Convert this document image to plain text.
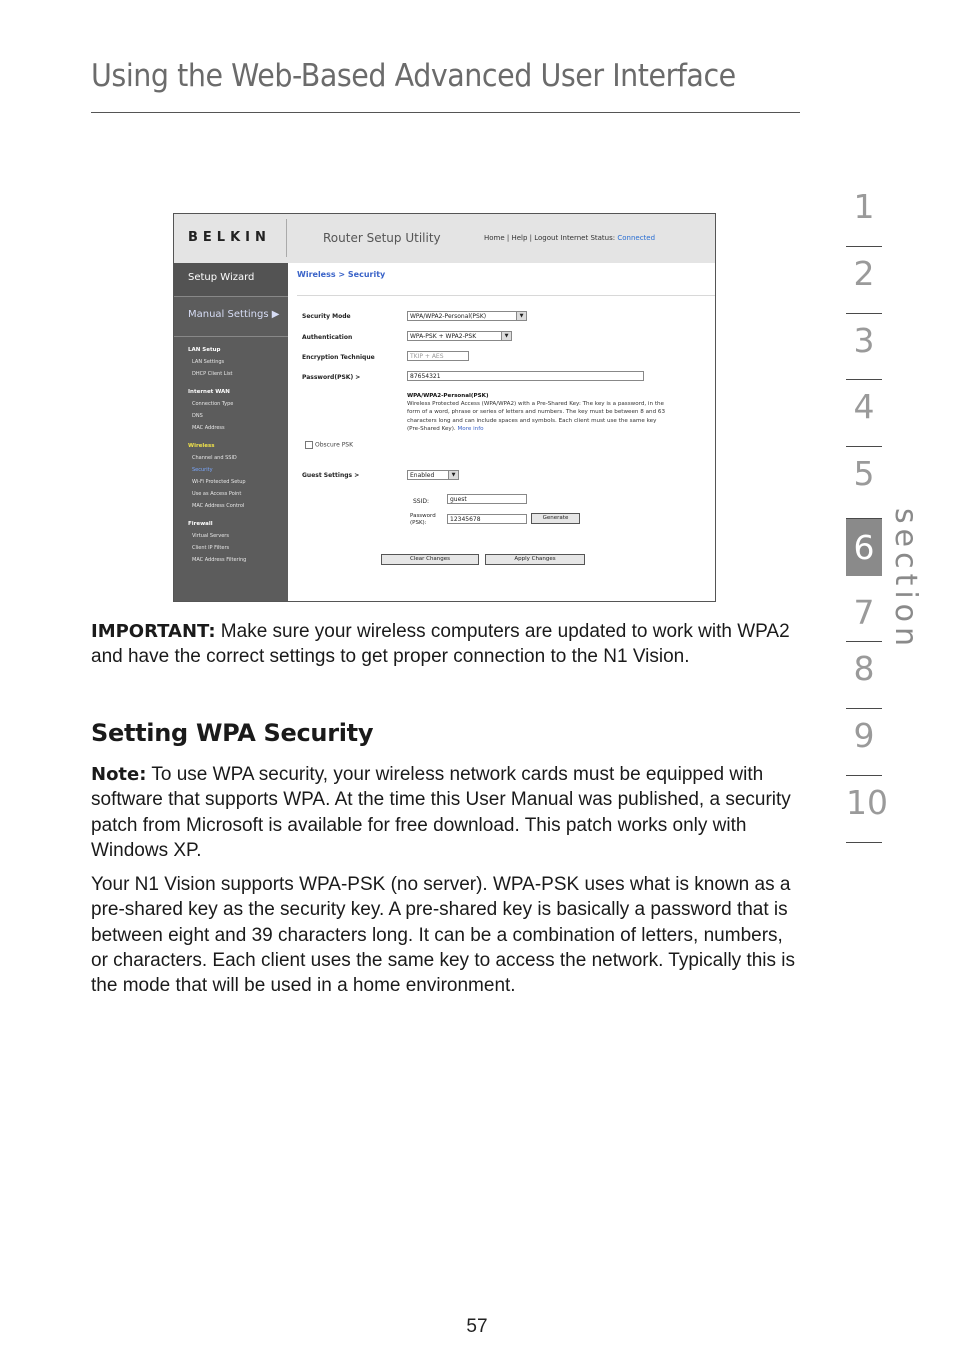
Using the Web-Based Advanced User Interface
1
2
3
4
5
6
7
8
9
10
section
BELKIN	Router Setup Utility	Home | Help | Logout Internet Status: Connected
Setup Wizard
Manual Settings ▶
LAN Setup
LAN Settings
DHCP Client List
Internet WAN
Connection Type
DNS
MAC Address
Wireless
Channel and SSID
Security
Wi-Fi Protected Setup
Use as Access Point
MAC Address Control
Firewall
Virtual Servers
Client IP Filters
MAC Address Filtering
Wireless > Security
Security Mode	WPA/WPA2-Personal(PSK)	▼
Authentication	WPA-PSK + WPA2-PSK	▼
Encryption Technique	TKIP + AES
Password(PSK) >	87654321
WPA/WPA2-Personal(PSK)
Wireless Protected Access (WPA/WPA2) with a Pre-Shared Key: The key is a password, in the form of a word, phrase or series of letters and numbers. The key must be between 8 and 63 characters long and can include spaces and symbols. Each client must use the same key (Pre-Shared Key). More info
Obscure PSK
Guest Settings >	Enabled	▼
SSID:	guest
Password (PSK):	12345678	Generate
Clear Changes	Apply Changes

IMPORTANT: Make sure your wireless computers are updated to work with WPA2 and have the correct settings to get proper connection to the N1 Vision.

Setting WPA Security

Note: To use WPA security, your wireless network cards must be equipped with software that supports WPA. At the time this User Manual was published, a security patch from Microsoft is available for free download. This patch works only with Windows XP.

Your N1 Vision supports WPA-PSK (no server). WPA-PSK uses what is known as a pre-shared key as the security key. A pre-shared key is basically a password that is between eight and 39 characters long. It can be a combination of letters, numbers, or characters. Each client uses the same key to access the network. Typically this is the mode that will be used in a home environment.

57
